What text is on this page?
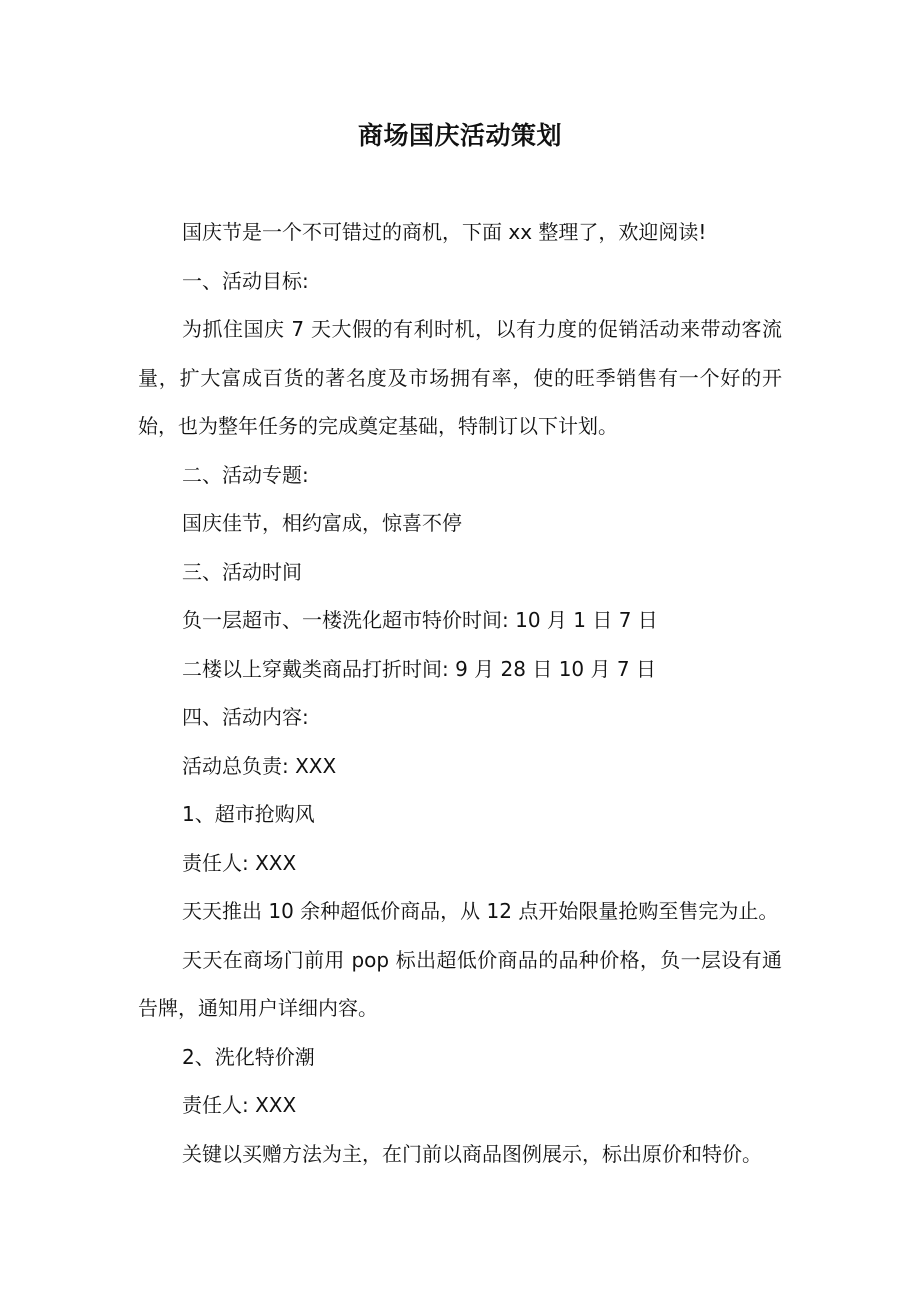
商场国庆活动策划

国庆节是一个不可错过的商机，下面 xx 整理了，欢迎阅读!

一、活动目标:

为抓住国庆 7 天大假的有利时机，以有力度的促销活动来带动客流量，扩大富成百货的著名度及市场拥有率，使的旺季销售有一个好的开始，也为整年任务的完成奠定基础，特制订以下计划。

二、活动专题:

国庆佳节，相约富成，惊喜不停

三、活动时间

负一层超市、一楼洗化超市特价时间: 10 月 1 日 7 日

二楼以上穿戴类商品打折时间: 9 月 28 日 10 月 7 日

四、活动内容:

活动总负责: XXX

1、超市抢购风

责任人: XXX

天天推出 10 余种超低价商品，从 12 点开始限量抢购至售完为止。

天天在商场门前用 pop 标出超低价商品的品种价格，负一层设有通告牌，通知用户详细内容。

2、洗化特价潮

责任人: XXX

关键以买赠方法为主，在门前以商品图例展示，标出原价和特价。
